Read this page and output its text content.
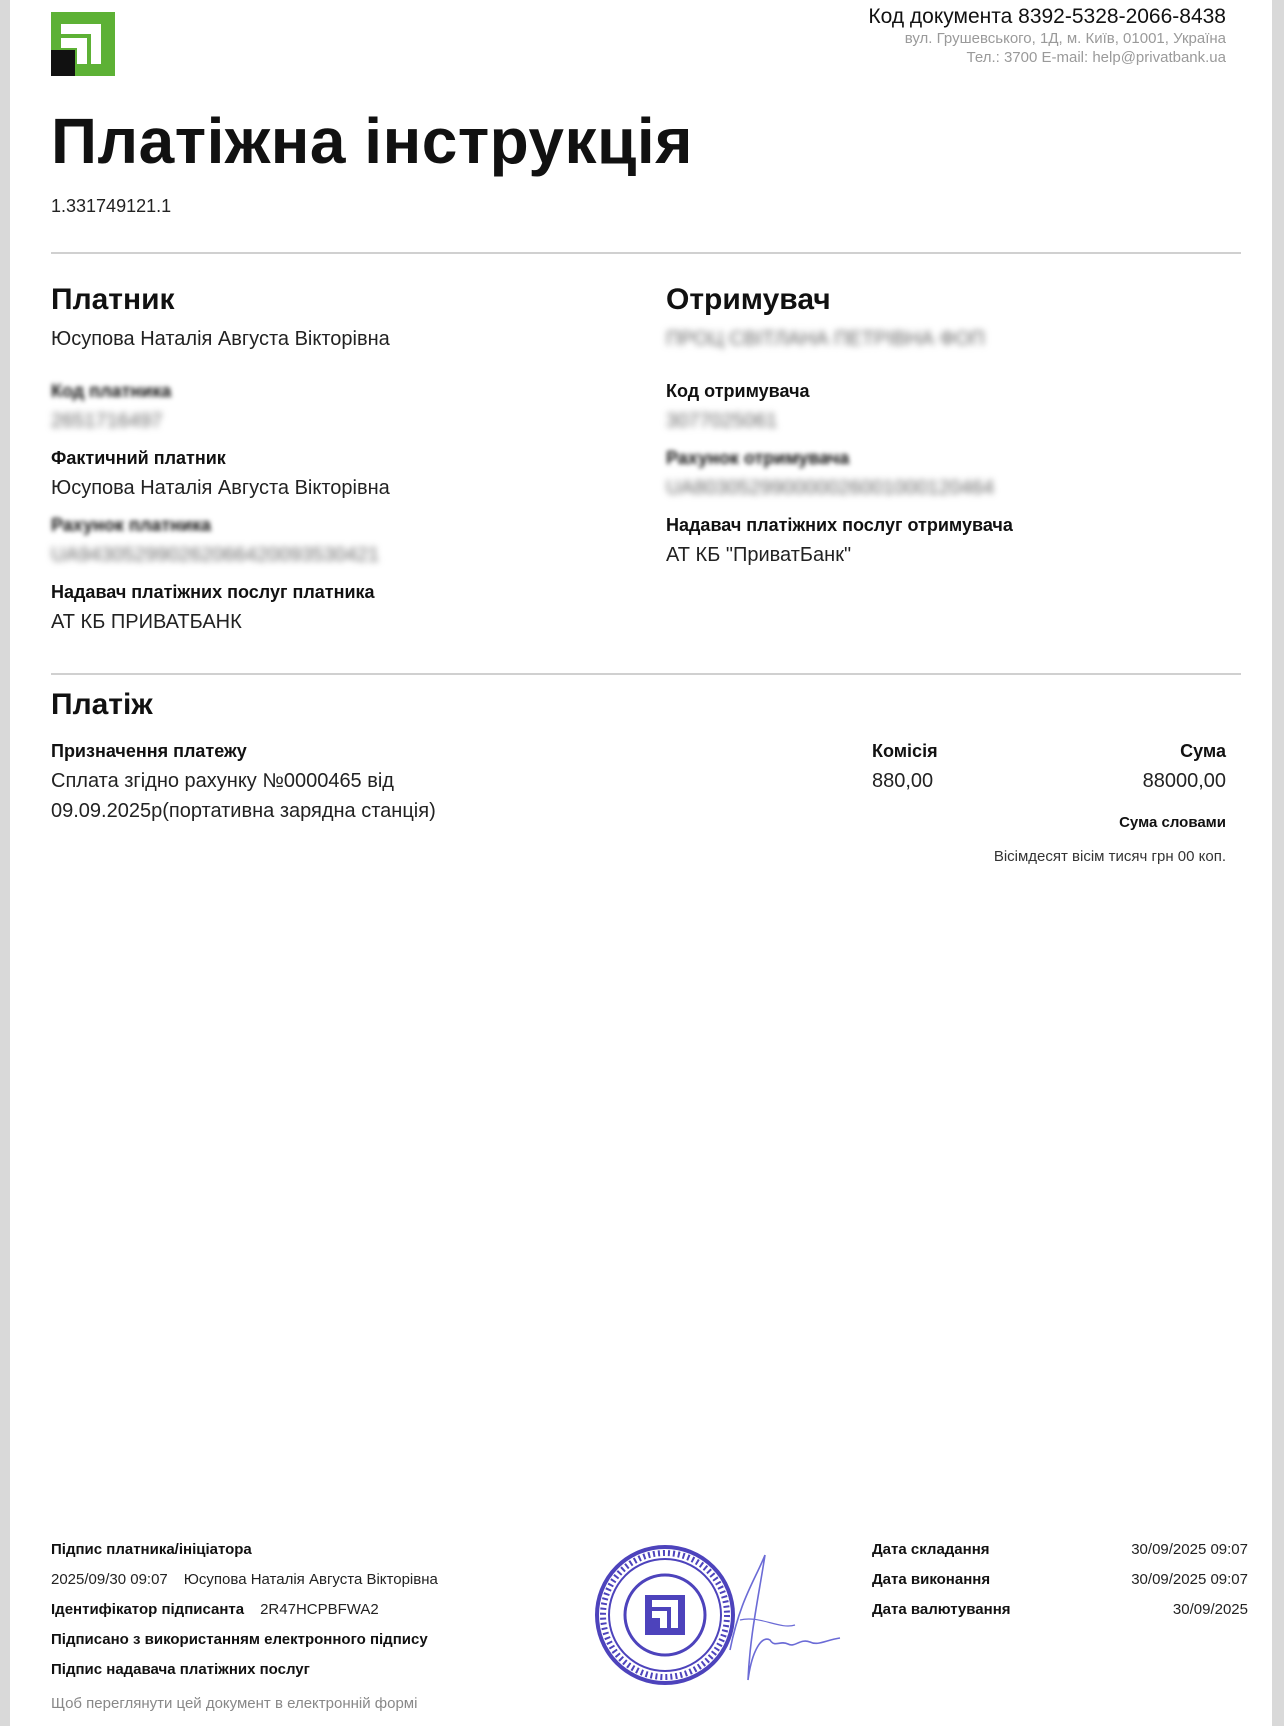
Код документа 8392-5328-2066-8438
вул. Грушевського, 1Д, м. Київ, 01001, Україна
Тел.: 3700 E-mail: help@privatbank.ua
Платіжна інструкція
1.331749121.1
Платник
Юсупова Наталія Августа Вікторівна
Код платника
2651716497
Фактичний платник
Юсупова Наталія Августа Вікторівна
Рахунок платника
UA943052990262066420093530421
Надавач платіжних послуг платника
АТ КБ ПРИВАТБАНК
Отримувач
ПРОЦ СВІТЛАНА ПЕТРІВНА ФОП
Код отримувача
3077025061
Рахунок отримувача
UA803052990000026001000120464
Надавач платіжних послуг отримувача
АТ КБ "ПриватБанк"
Платіж
Призначення платежу
Сплата згідно рахунку №0000465 від
09.09.2025р(портативна зарядна станція)
Комісія
880,00
Сума
88000,00
Сума словами
Вісімдесят вісім тисяч грн 00 коп.
Підпис платника/ініціатора
2025/09/30 09:07 Юсупова Наталія Августа Вікторівна
Ідентифікатор підписанта 2R47HCPBFWA2
Підписано з використанням електронного підпису
Підпис надавача платіжних послуг
Щоб переглянути цей документ в електронній формі
Дата складання	30/09/2025 09:07
Дата виконання	30/09/2025 09:07
Дата валютування	30/09/2025
